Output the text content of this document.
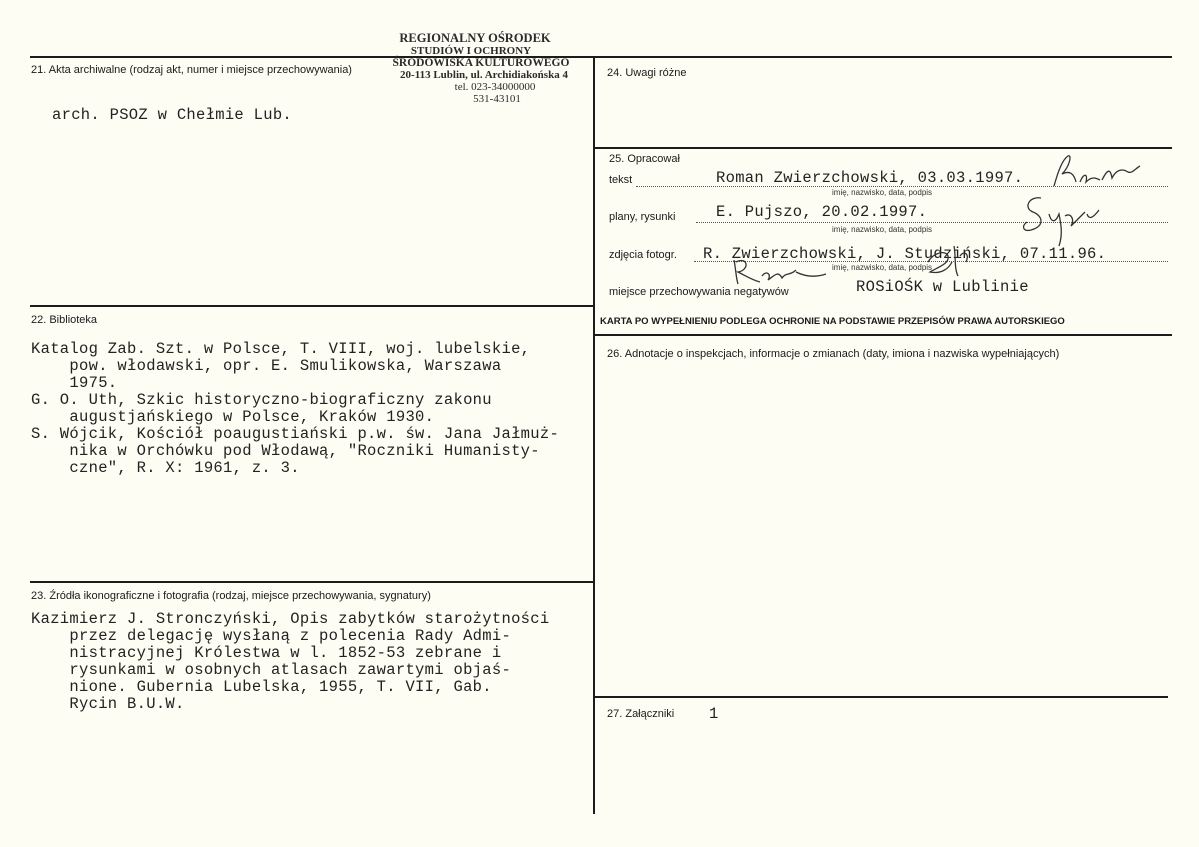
REGIONALNY OŚRODEK
STUDIÓW I OCHRONY
ŚRODOWISKA KULTUROWEGO
20-113 Lublin, ul. Archidiakońska 4
tel. 023-34000000
531-43101
21. Akta archiwalne (rodzaj akt, numer i miejsce przechowywania)
arch. PSOZ w Chełmie Lub.
22. Biblioteka
Katalog Zab. Szt. w Polsce, T. VIII, woj. lubelskie,
pow. włodawski, opr. E. Smulikowska, Warszawa
1975.
G. O. Uth, Szkic historyczno-biograficzny zakonu
augustjańskiego w Polsce, Kraków 1930.
S. Wójcik, Kościół poaugustiański p.w. św. Jana Jałmuż-
nika w Orchówku pod Włodawą, "Roczniki Humanisty-
czne", R. X: 1961, z. 3.
23. Źródła ikonograficzne i fotografia (rodzaj, miejsce przechowywania, sygnatury)
Kazimierz J. Stronczyński, Opis zabytków starożytności
przez delegację wysłaną z polecenia Rady Admi-
nistracyjnej Królestwa w l. 1852-53 zebrane i
rysunkami w osobnych atlasach zawartymi objaś-
nione. Gubernia Lubelska, 1955, T. VII, Gab.
Rycin B.U.W.
24. Uwagi różne
25. Opracował
tekst	Roman Zwierzchowski, 03.03.1997.
imię, nazwisko, data, podpis
plany, rysunki	E. Pujszo, 20.02.1997.
imię, nazwisko, data, podpis
zdjęcia fotogr. R. Zwierzchowski, J. Studziński, 07.11.96.
imię, nazwisko, data, podpis
miejsce przechowywania negatywów	ROSiOŚK w Lublinie
KARTA PO WYPEŁNIENIU PODLEGA OCHRONIE NA PODSTAWIE PRZEPISÓW PRAWA AUTORSKIEGO
26. Adnotacje o inspekcjach, informacje o zmianach (daty, imiona i nazwiska wypełniających)
27. Załączniki 1
